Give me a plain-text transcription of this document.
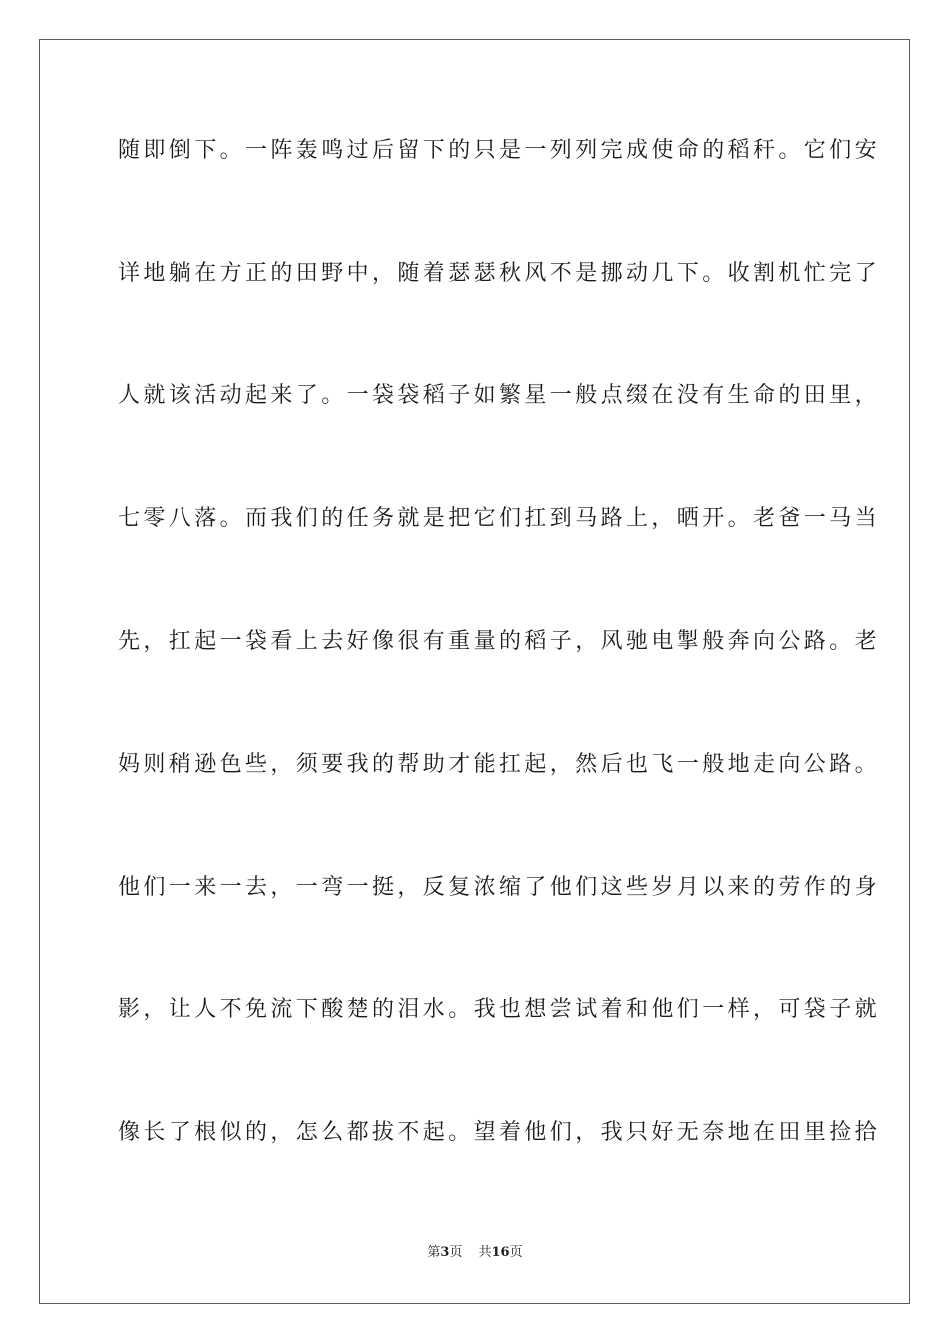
随即倒下。一阵轰鸣过后留下的只是一列列完成使命的稻秆。它们安
详地躺在方正的田野中，随着瑟瑟秋风不是挪动几下。收割机忙完了
人就该活动起来了。一袋袋稻子如繁星一般点缀在没有生命的田里，
七零八落。而我们的任务就是把它们扛到马路上，晒开。老爸一马当
先，扛起一袋看上去好像很有重量的稻子，风驰电掣般奔向公路。老
妈则稍逊色些，须要我的帮助才能扛起，然后也飞一般地走向公路。
他们一来一去，一弯一挺，反复浓缩了他们这些岁月以来的劳作的身
影，让人不免流下酸楚的泪水。我也想尝试着和他们一样，可袋子就
像长了根似的，怎么都拔不起。望着他们，我只好无奈地在田里捡拾
第3页 共16页
